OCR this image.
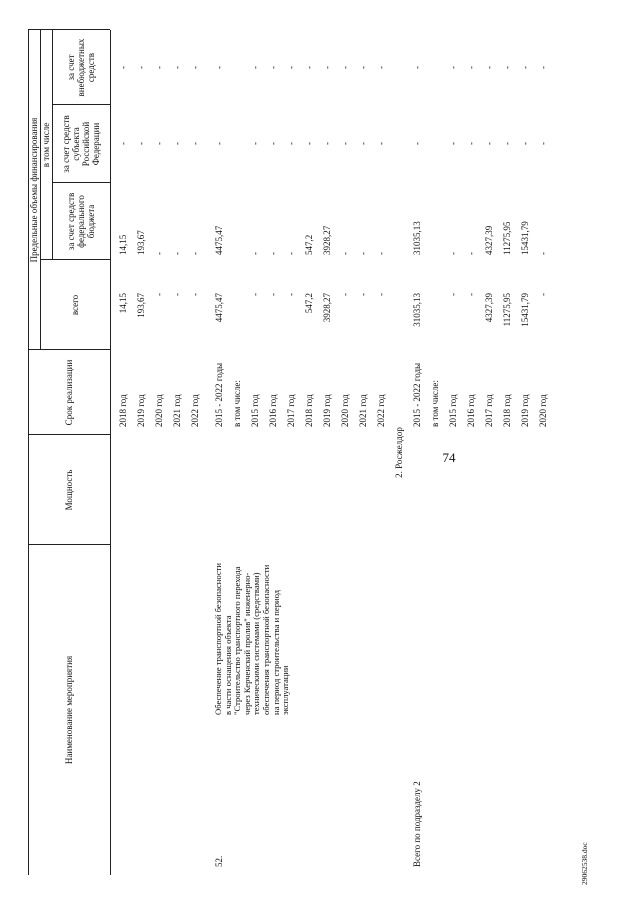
74
29062538.doc
Наименование мероприятия
Мощность
Срок реализации
Предельные объемы финансирования
всего
в том числе
за счет средств федерального бюджета
за счет средств субъекта Российской Федерации
за счет внебюджетных средств
2018 год
14,15
14,15
-
-
2019 год
193,67
193,67
-
-
2020 год
-
-
-
-
2021 год
-
-
-
-
2022 год
-
-
-
-
52.
Обеспечение транспортной безопасности в части оснащения объекта "Строительство транспортного перехода через Керченский пролив" инженерно-техническими системами (средствами) обеспечения транспортной безопасности на период строительства и период эксплуатации
2015 - 2022 годы
4475,47
4475,47
-
-
в том числе: 2015 год
-
-
-
-
2016 год
-
-
-
-
2017 год
-
-
-
-
2018 год
547,2
547,2
-
-
2019 год
3928,27
3928,27
-
-
2020 год
-
-
-
-
2021 год
-
-
-
-
2022 год
-
-
-
-
2. Росжелдор
Всего по подразделу 2
2015 - 2022 годы
31035,13
31035,13
-
-
в том числе: 2015 год
-
-
-
-
2016 год
-
-
-
-
2017 год
4327,39
4327,39
-
-
2018 год
11275,95
11275,95
-
-
2019 год
15431,79
15431,79
-
-
2020 год
-
-
-
-
